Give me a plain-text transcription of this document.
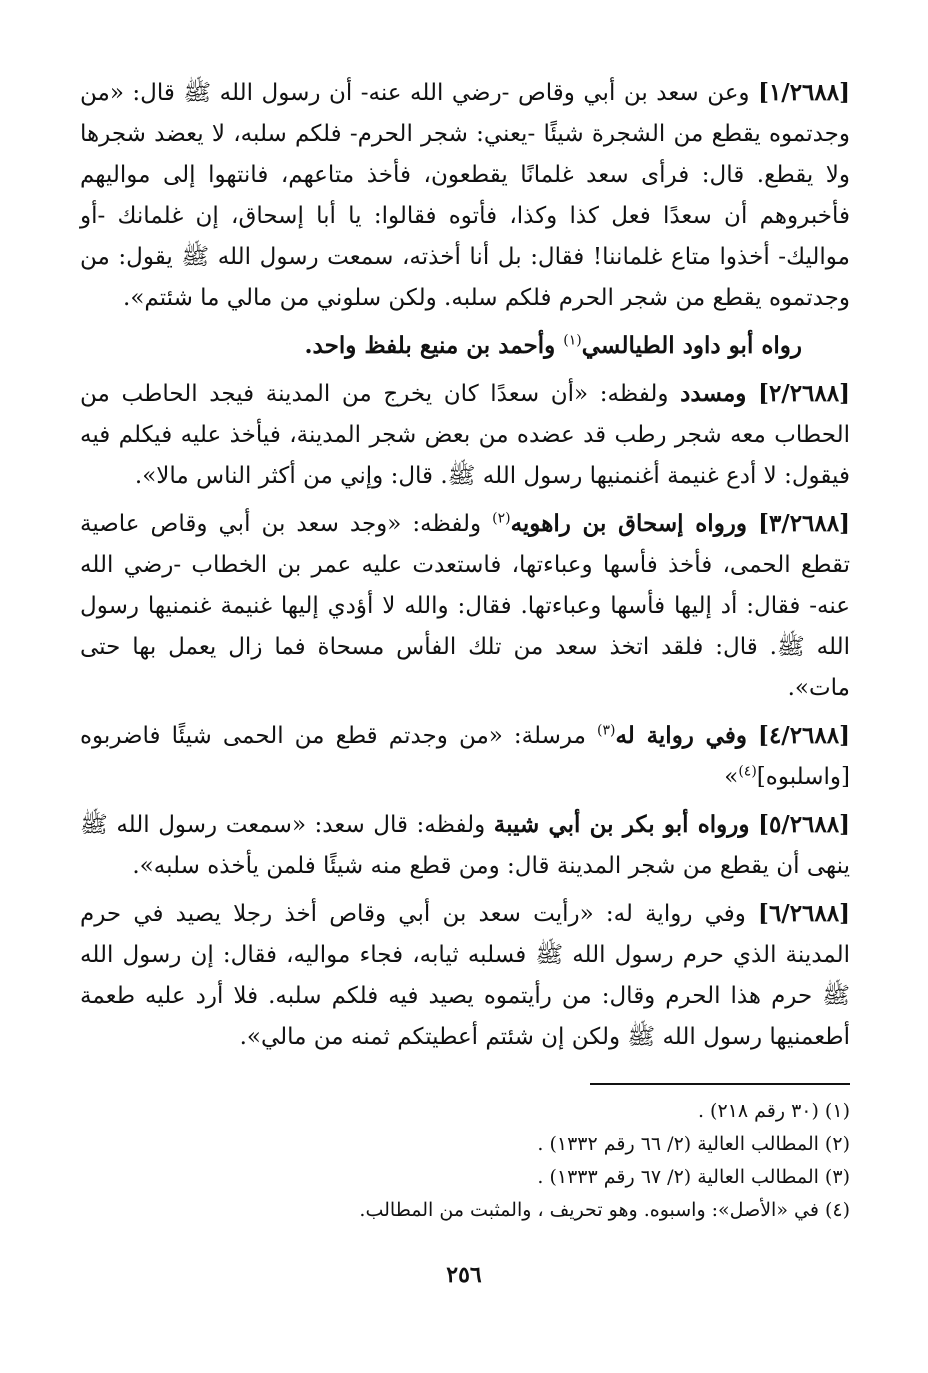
[١/٢٦٨٨] وعن سعد بن أبي وقاص -رضي الله عنه- أن رسول الله ﷺ قال: «من وجدتموه يقطع من الشجرة شيئًا -يعني: شجر الحرم- فلكم سلبه، لا يعضد شجرها ولا يقطع. قال: فرأى سعد غلمانًا يقطعون، فأخذ متاعهم، فانتهوا إلى مواليهم فأخبروهم أن سعدًا فعل كذا وكذا، فأتوه فقالوا: يا أبا إسحاق، إن غلمانك -أو مواليك- أخذوا متاع غلماننا! فقال: بل أنا أخذته، سمعت رسول الله ﷺ يقول: من وجدتموه يقطع من شجر الحرم فلكم سلبه. ولكن سلوني من مالي ما شئتم».

رواه أبو داود الطيالسي$^{(١)}$ وأحمد بن منيع بلفظ واحد.

[٢/٢٦٨٨] ومسدد ولفظه: «أن سعدًا كان يخرج من المدينة فيجد الحاطب من الحطاب معه شجر رطب قد عضده من بعض شجر المدينة، فيأخذ عليه فيكلم فيه فيقول: لا أدع غنيمة أغنمنيها رسول الله ﷺ. قال: وإني من أكثر الناس مالا».

[٣/٢٦٨٨] ورواه إسحاق بن راهويه$^{(٢)}$ ولفظه: «وجد سعد بن أبي وقاص عاصية تقطع الحمى، فأخذ فأسها وعباءتها، فاستعدت عليه عمر بن الخطاب -رضي الله عنه- فقال: أد إليها فأسها وعباءتها. فقال: والله لا أؤدي إليها غنيمة غنمنيها رسول الله ﷺ. قال: فلقد اتخذ سعد من تلك الفأس مسحاة فما زال يعمل بها حتى مات».

[٤/٢٦٨٨] وفي رواية له$^{(٣)}$ مرسلة: «من وجدتم قطع من الحمى شيئًا فاضربوه [واسلبوه]$^{(٤)}$»

[٥/٢٦٨٨] ورواه أبو بكر بن أبي شيبة ولفظه: قال سعد: «سمعت رسول الله ﷺ ينهى أن يقطع من شجر المدينة قال: ومن قطع منه شيئًا فلمن يأخذه سلبه».

[٦/٢٦٨٨] وفي رواية له: «رأيت سعد بن أبي وقاص أخذ رجلا يصيد في حرم المدينة الذي حرم رسول الله ﷺ فسلبه ثيابه، فجاء مواليه، فقال: إن رسول الله ﷺ حرم هذا الحرم وقال: من رأيتموه يصيد فيه فلكم سلبه. فلا أرد عليه طعمة أطعمنيها رسول الله ﷺ ولكن إن شئتم أعطيتكم ثمنه من مالي».

(١) (٣٠ رقم ٢١٨) .

(٢) المطالب العالية (٢/ ٦٦ رقم ١٣٣٢) .

(٣) المطالب العالية (٢/ ٦٧ رقم ١٣٣٣) .

(٤) في «الأصل»: واسبوه. وهو تحريف ، والمثبت من المطالب.

٢٥٦
